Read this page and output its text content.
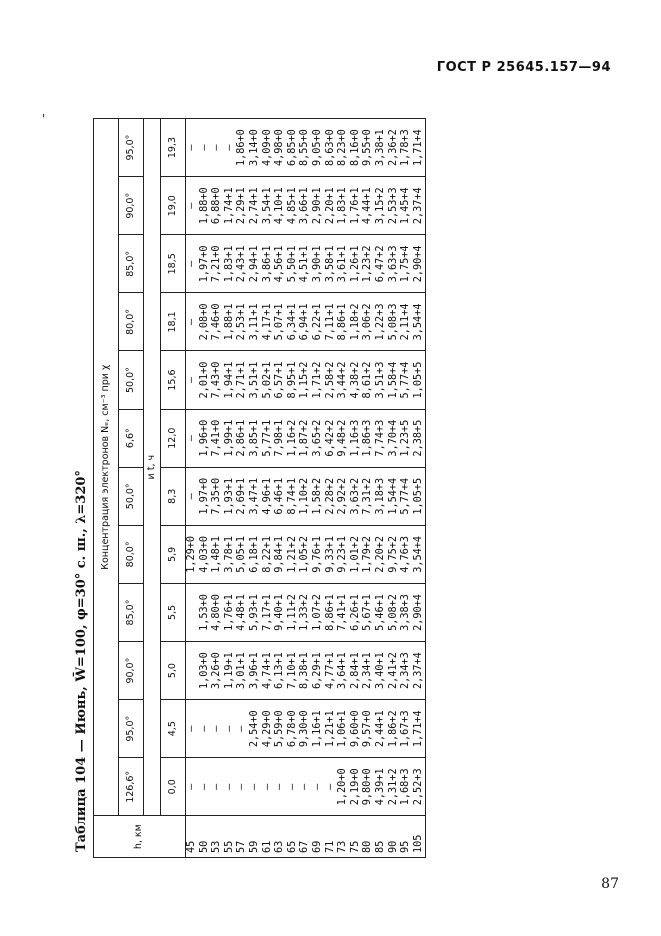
ГОСТ Р 25645.157—94
'
Таблица 104 — Июнь, W̄=100, φ=30° с. ш., λ=320°	h, км	Концентрация электронов Nₑ, см⁻³ при χ											
	126,6°	95,0°	90,0°	85,0°	80,0°	50,0°	6,6°	50,0°	80,0°	85,0°	90,0°	95,0°
	и t, ч											
	0,0	4,5	5,0	5,5	5,9	8,3	12,0	15,6	18,1	18,5	19,0	19,3
45	—	—			1,29+0	—	—	—	—	—	—	—
50	—	—	1,03+0	1,53+0	4,03+0	1,97+0	1,96+0	2,01+0	2,08+0	1,97+0	1,88+0	—
53	—	—	3,26+0	4,80+0	1,48+1	7,35+0	7,41+0	7,43+0	7,46+0	7,21+0	6,88+0	—
55	—	—	1,19+1	1,76+1	3,78+1	1,93+1	1,99+1	1,94+1	1,88+1	1,83+1	1,74+1	—
57	—	—	3,01+1	4,48+1	5,05+1	2,69+1	2,86+1	2,71+1	2,53+1	2,43+1	2,29+1	1,86+0
59	—	2,54+0	3,96+1	5,93+1	6,18+1	3,47+1	3,85+1	3,51+1	3,11+1	2,94+1	2,74+1	3,14+0
61	—	4,29+0	4,74+1	7,17+1	8,22+1	4,96+1	5,77+1	5,02+1	4,17+1	3,86+1	3,54+1	4,09+0
63	—	5,59+0	6,13+1	9,40+1	9,84+1	6,46+1	7,98+1	6,57+1	5,07+1	4,56+1	4,10+1	4,98+0
65	—	6,78+0	7,10+1	1,11+2	1,21+2	8,74+1	1,16+2	8,95+1	6,34+1	5,50+1	4,85+1	6,85+0
67	—	9,30+0	8,38+1	1,33+2	1,05+2	1,10+2	1,87+2	1,15+2	6,94+1	4,51+1	3,66+1	8,55+0
69	—	1,16+1	6,29+1	1,07+2	9,76+1	1,58+2	3,65+2	1,71+2	6,22+1	3,90+1	2,90+1	9,05+0
71	—	1,21+1	4,77+1	8,86+1	9,33+1	2,28+2	6,42+2	2,58+2	7,11+1	3,58+1	2,20+1	8,63+0
73	1,20+0	1,06+1	3,64+1	7,41+1	9,23+1	2,92+2	9,48+2	3,44+2	8,86+1	3,61+1	1,83+1	8,23+0
75	2,19+0	9,60+0	2,84+1	6,26+1	1,01+2	3,63+2	1,16+3	4,38+2	1,18+2	1,26+1	1,76+1	8,16+0
80	9,80+0	9,57+0	2,34+1	5,67+1	1,79+2	7,31+2	1,86+3	8,61+2	3,06+2	1,23+2	4,44+1	9,55+0
85	4,39+1	2,44+1	3,40+1	5,46+1	2,20+2	3,18+3	7,74+3	3,51+3	1,22+3	6,47+2	3,15+2	3,38+1
90	2,31+2	1,86+2	2,41+2	5,08+2	9,75+2	1,54+4	3,70+4	1,58+4	5,08+3	3,63+3	2,53+3	2,36+2
95	1,68+3	1,67+3	2,34+3	3,38+3	4,76+3	5,77+4	1,23+5	5,77+4	2,11+4	1,75+4	1,45+4	1,78+3
105	2,52+3	1,71+4	2,37+4	2,90+4	3,54+4	1,05+5	2,38+5	1,05+5	3,54+4	2,90+4	2,37+4	1,71+4
87
